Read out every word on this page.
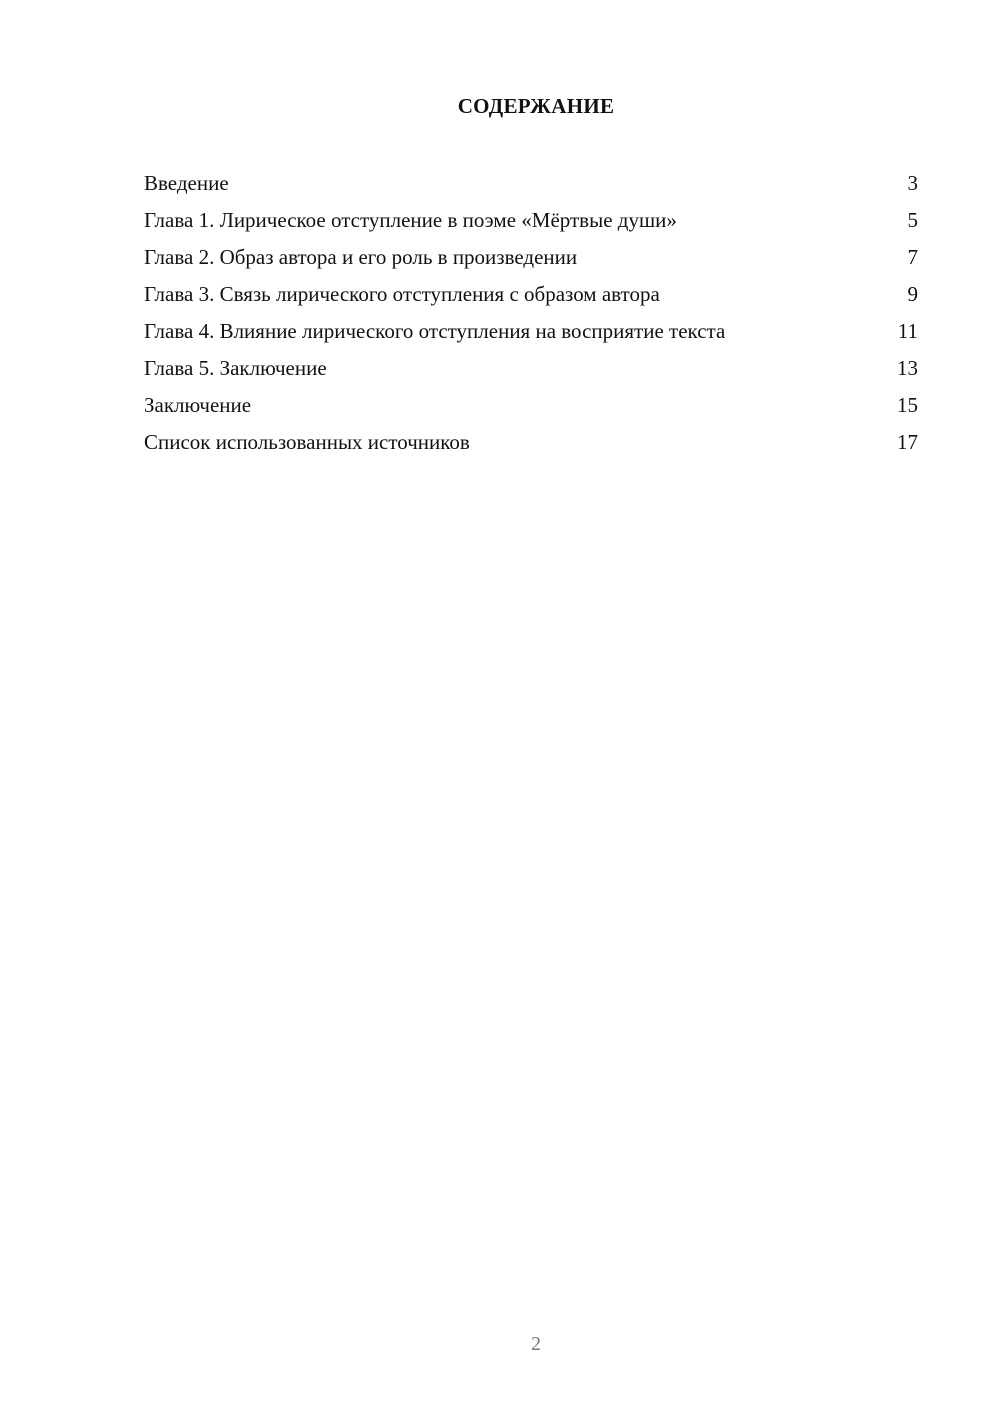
СОДЕРЖАНИЕ
Введение	3
Глава 1. Лирическое отступление в поэме «Мёртвые души»	5
Глава 2. Образ автора и его роль в произведении	7
Глава 3. Связь лирического отступления с образом автора	9
Глава 4. Влияние лирического отступления на восприятие текста	11
Глава 5. Заключение	13
Заключение	15
Список использованных источников	17
2
